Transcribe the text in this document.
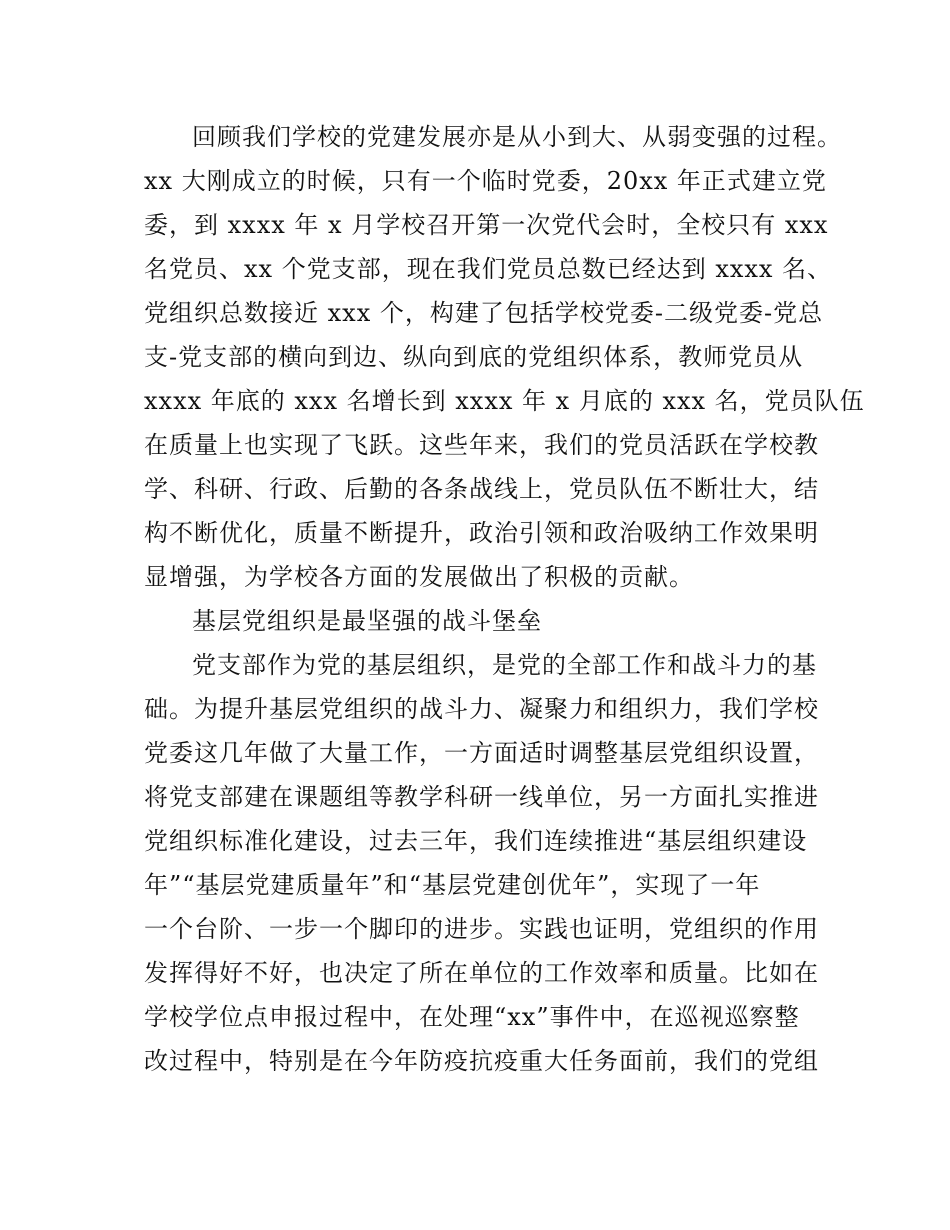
回顾我们学校的党建发展亦是从小到大、从弱变强的过程。
xx 大刚成立的时候，只有一个临时党委，20xx 年正式建立党
委，到 xxxx 年 x 月学校召开第一次党代会时，全校只有 xxx
名党员、xx 个党支部，现在我们党员总数已经达到 xxxx 名、
党组织总数接近 xxx 个，构建了包括学校党委-二级党委-党总
支-党支部的横向到边、纵向到底的党组织体系，教师党员从
xxxx 年底的 xxx 名增长到 xxxx 年 x 月底的 xxx 名，党员队伍
在质量上也实现了飞跃。这些年来，我们的党员活跃在学校教
学、科研、行政、后勤的各条战线上，党员队伍不断壮大，结
构不断优化，质量不断提升，政治引领和政治吸纳工作效果明
显增强，为学校各方面的发展做出了积极的贡献。
基层党组织是最坚强的战斗堡垒
党支部作为党的基层组织，是党的全部工作和战斗力的基
础。为提升基层党组织的战斗力、凝聚力和组织力，我们学校
党委这几年做了大量工作，一方面适时调整基层党组织设置，
将党支部建在课题组等教学科研一线单位，另一方面扎实推进
党组织标准化建设，过去三年，我们连续推进“基层组织建设
年”“基层党建质量年”和“基层党建创优年”，实现了一年
一个台阶、一步一个脚印的进步。实践也证明，党组织的作用
发挥得好不好，也决定了所在单位的工作效率和质量。比如在
学校学位点申报过程中，在处理“xx”事件中，在巡视巡察整
改过程中，特别是在今年防疫抗疫重大任务面前，我们的党组
